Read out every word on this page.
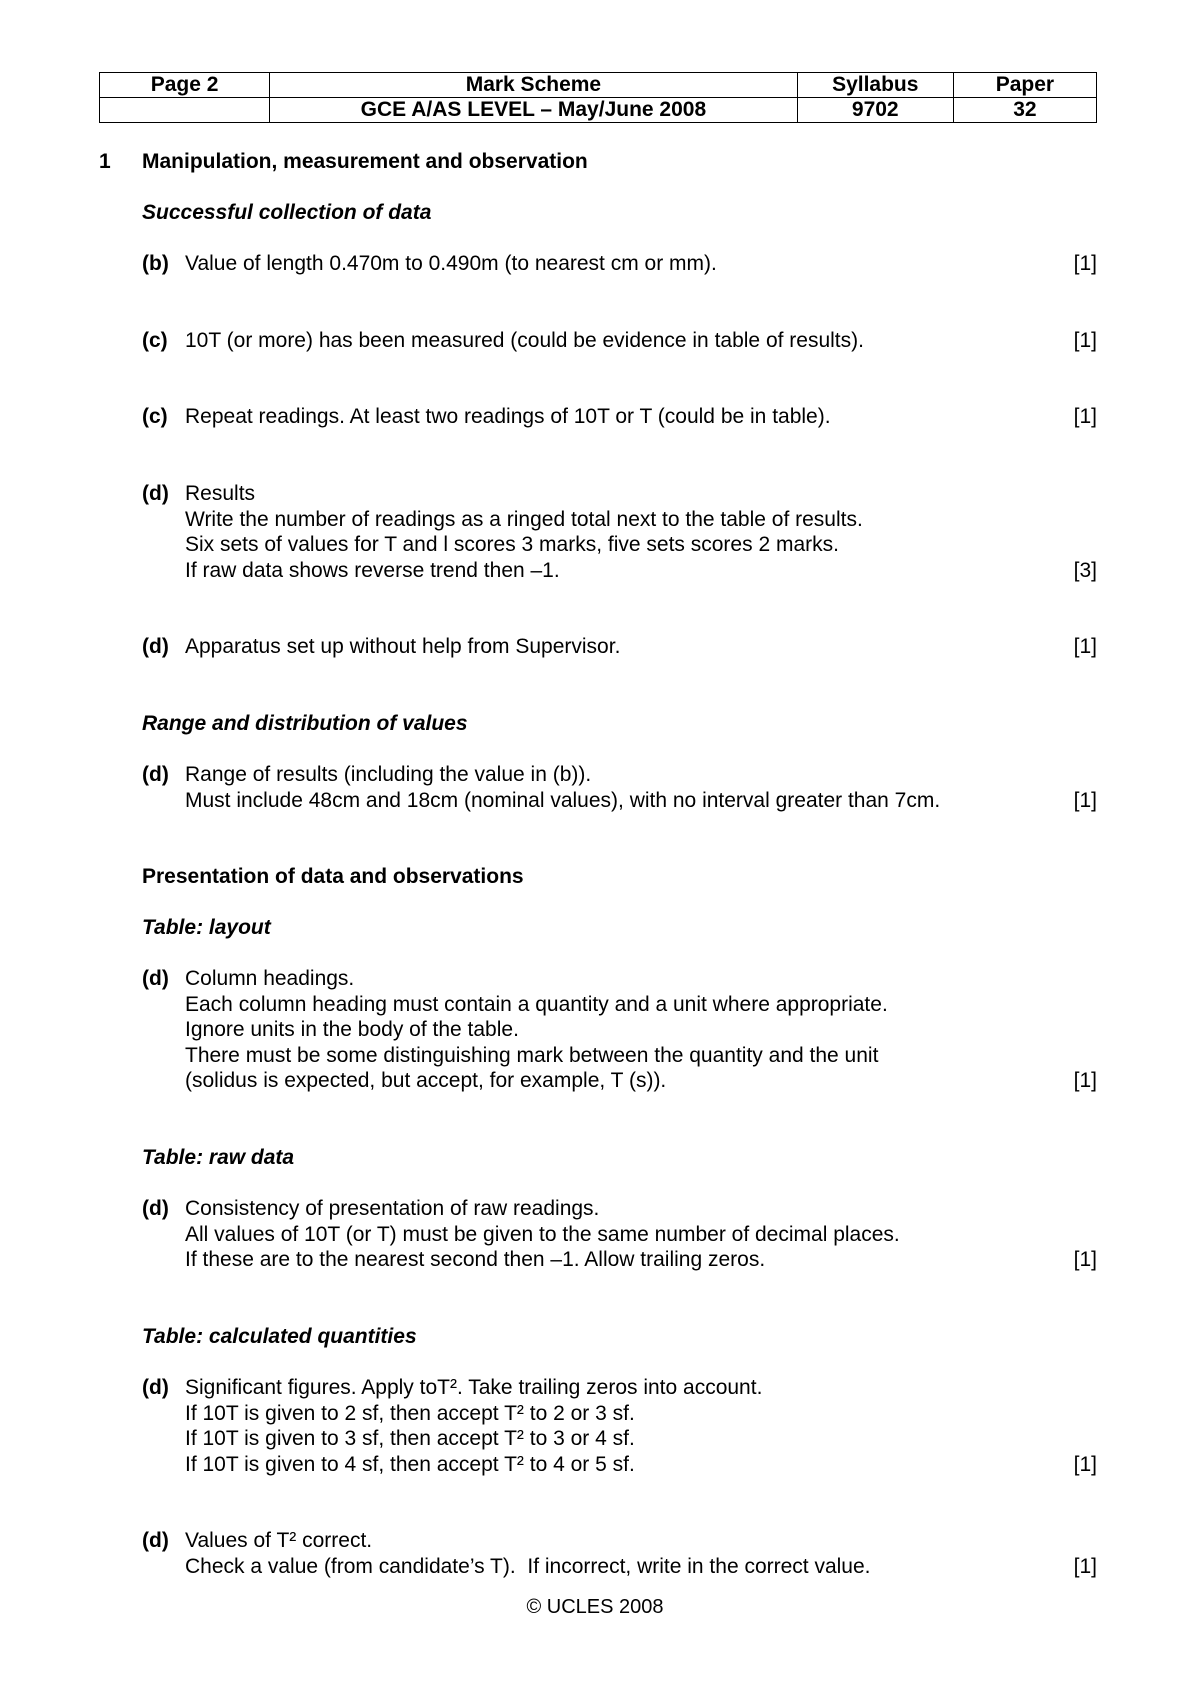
Page 2	Mark Scheme	Syllabus	Paper
	GCE A/AS LEVEL – May/June 2008	9702	32
1 Manipulation, measurement and observation
Successful collection of data
(b) Value of length 0.470m to 0.490m (to nearest cm or mm).	[1]
(c) 10T (or more) has been measured (could be evidence in table of results).	[1]
(c) Repeat readings. At least two readings of 10T or T (could be in table).	[1]
(d) Results
Write the number of readings as a ringed total next to the table of results.
Six sets of values for T and l scores 3 marks, five sets scores 2 marks.
If raw data shows reverse trend then –1.	[3]
(d) Apparatus set up without help from Supervisor.	[1]
Range and distribution of values
(d) Range of results (including the value in (b)).
Must include 48cm and 18cm (nominal values), with no interval greater than 7cm.	[1]
Presentation of data and observations
Table: layout
(d) Column headings.
Each column heading must contain a quantity and a unit where appropriate.
Ignore units in the body of the table.
There must be some distinguishing mark between the quantity and the unit
(solidus is expected, but accept, for example, T (s)).	[1]
Table: raw data
(d) Consistency of presentation of raw readings.
All values of 10T (or T) must be given to the same number of decimal places.
If these are to the nearest second then –1. Allow trailing zeros.	[1]
Table: calculated quantities
(d) Significant figures. Apply toT². Take trailing zeros into account.
If 10T is given to 2 sf, then accept T² to 2 or 3 sf.
If 10T is given to 3 sf, then accept T² to 3 or 4 sf.
If 10T is given to 4 sf, then accept T² to 4 or 5 sf.	[1]
(d) Values of T² correct.
Check a value (from candidate’s T).  If incorrect, write in the correct value.	[1]
© UCLES 2008
